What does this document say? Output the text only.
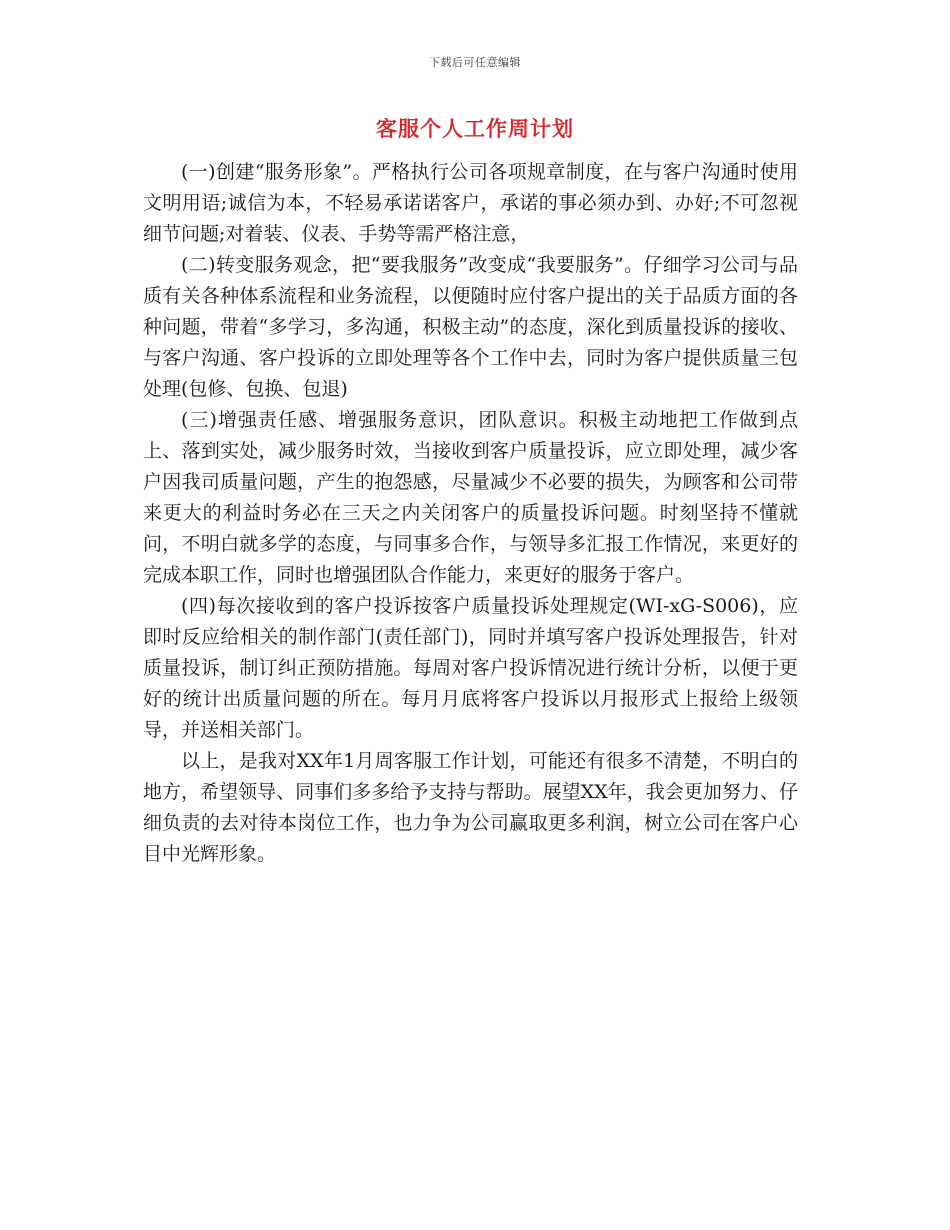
下载后可任意编辑
客服个人工作周计划

(一)创建“服务形象”。严格执行公司各项规章制度，在与客户沟通时使用文明用语;诚信为本，不轻易承诺诺客户，承诺的事必须办到、办好;不可忽视细节问题;对着装、仪表、手势等需严格注意，

(二)转变服务观念，把“要我服务”改变成“我要服务”。仔细学习公司与品质有关各种体系流程和业务流程，以便随时应付客户提出的关于品质方面的各种问题，带着“多学习，多沟通，积极主动”的态度，深化到质量投诉的接收、与客户沟通、客户投诉的立即处理等各个工作中去，同时为客户提供质量三包处理(包修、包换、包退)

(三)增强责任感、增强服务意识，团队意识。积极主动地把工作做到点上、落到实处，减少服务时效，当接收到客户质量投诉，应立即处理，减少客户因我司质量问题，产生的抱怨感，尽量减少不必要的损失，为顾客和公司带来更大的利益时务必在三天之内关闭客户的质量投诉问题。时刻坚持不懂就问，不明白就多学的态度，与同事多合作，与领导多汇报工作情况，来更好的完成本职工作，同时也增强团队合作能力，来更好的服务于客户。

(四)每次接收到的客户投诉按客户质量投诉处理规定(WI-xG-S006)，应即时反应给相关的制作部门(责任部门)，同时并填写客户投诉处理报告，针对质量投诉，制订纠正预防措施。每周对客户投诉情况进行统计分析，以便于更好的统计出质量问题的所在。每月月底将客户投诉以月报形式上报给上级领导，并送相关部门。

以上，是我对XX年1月周客服工作计划，可能还有很多不清楚，不明白的地方，希望领导、同事们多多给予支持与帮助。展望XX年，我会更加努力、仔细负责的去对待本岗位工作，也力争为公司赢取更多利润，树立公司在客户心目中光辉形象。
